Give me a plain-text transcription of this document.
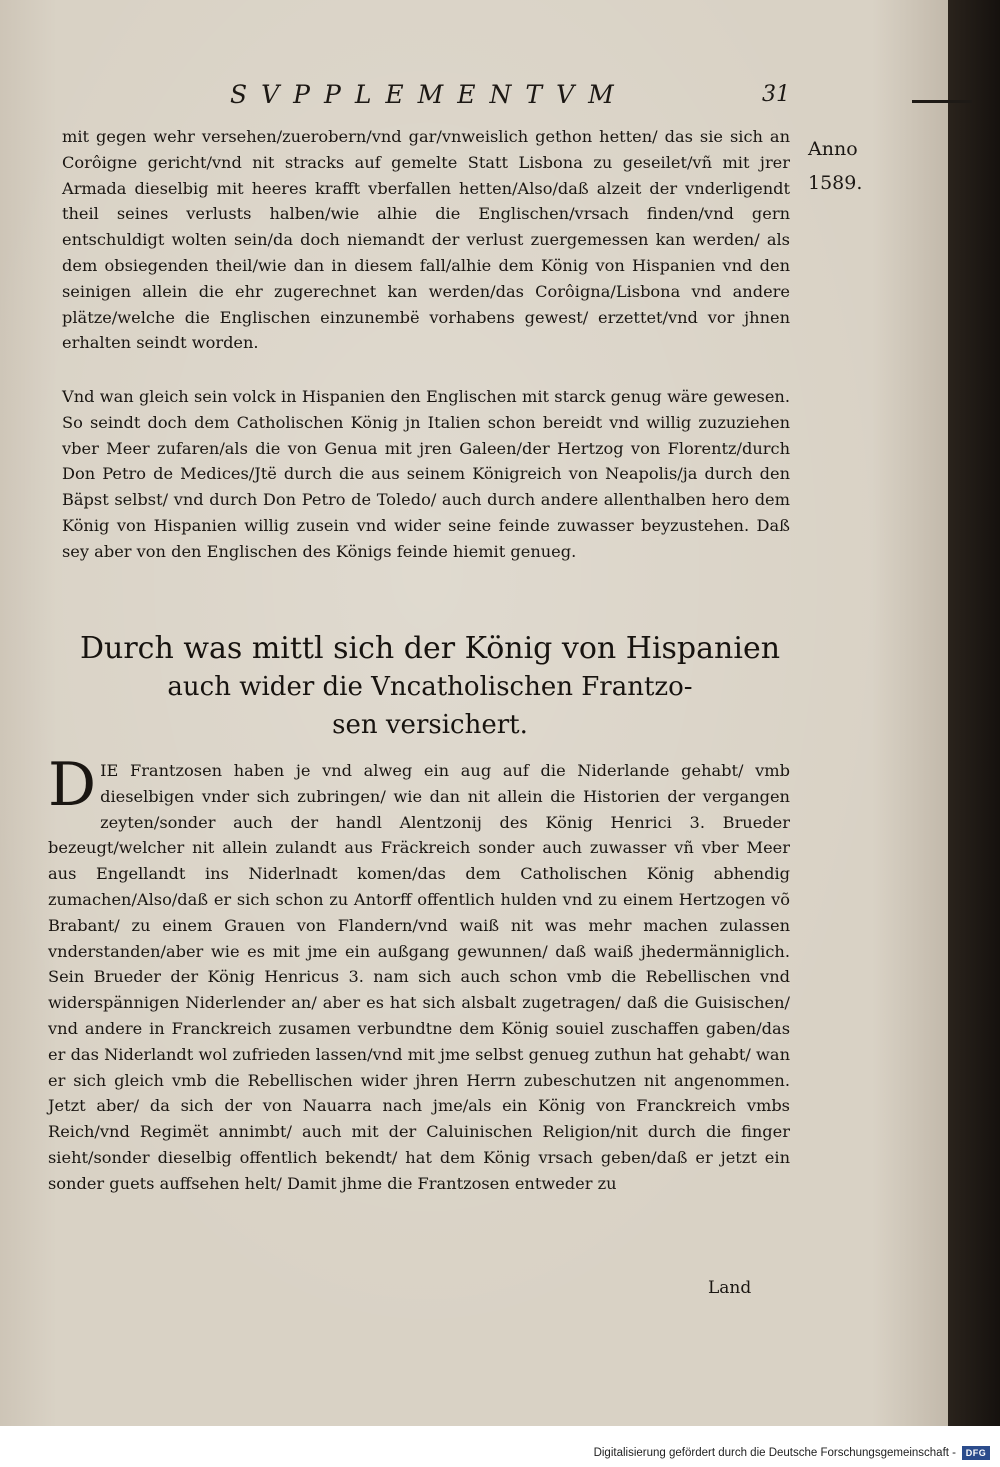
SVPPLEMENTVM	31
Anno
1589.

mit gegen wehr versehen/zuerobern/vnd gar/vnweislich gethon hetten/ das sie sich an Corôigne gericht/vnd nit stracks auf gemelte Statt Lisbona zu geseilet/vñ mit jrer Armada dieselbig mit heeres krafft vberfallen hetten/Also/daß alzeit der vnderligendt theil seines verlusts halben/wie alhie die Englischen/vrsach finden/vnd gern entschuldigt wolten sein/da doch niemandt der verlust zuergemessen kan werden/ als dem obsiegenden theil/wie dan in diesem fall/alhie dem König von Hispanien vnd den seinigen allein die ehr zugerechnet kan werden/das Corôigna/Lisbona vnd andere plätze/welche die Englischen einzunembë vorhabens gewest/ erzettet/vnd vor jhnen erhalten seindt worden.

Vnd wan gleich sein volck in Hispanien den Englischen mit starck genug wäre gewesen. So seindt doch dem Catholischen König jn Italien schon bereidt vnd willig zuzuziehen vber Meer zufaren/als die von Genua mit jren Galeen/der Hertzog von Florentz/durch Don Petro de Medices/Jtë durch die aus seinem Königreich von Neapolis/ja durch den Bäpst selbst/ vnd durch Don Petro de Toledo/ auch durch andere allenthalben hero dem König von Hispanien willig zusein vnd wider seine feinde zuwasser beyzustehen. Daß sey aber von den Englischen des Königs feinde hiemit genueg.

Durch was mittl sich der König von Hispanien
auch wider die Vncatholischen Frantzo-
sen versichert.

DIE Frantzosen haben je vnd alweg ein aug auf die Niderlande gehabt/ vmb dieselbigen vnder sich zubringen/ wie dan nit allein die Historien der vergangen zeyten/sonder auch der handl Alentzonij des König Henrici 3. Brueder bezeugt/welcher nit allein zulandt aus Fräckreich sonder auch zuwasser vñ vber Meer aus Engellandt ins Niderlnadt komen/das dem Catholischen König abhendig zumachen/Also/daß er sich schon zu Antorff offentlich hulden vnd zu einem Hertzogen võ Brabant/ zu einem Grauen von Flandern/vnd waiß nit was mehr machen zulassen vnderstanden/aber wie es mit jme ein außgang gewunnen/ daß waiß jhedermänniglich. Sein Brueder der König Henricus 3. nam sich auch schon vmb die Rebellischen vnd widerspännigen Niderlender an/ aber es hat sich alsbalt zugetragen/ daß die Guisischen/ vnd andere in Franckreich zusamen verbundtne dem König souiel zuschaffen gaben/das er das Niderlandt wol zufrieden lassen/vnd mit jme selbst genueg zuthun hat gehabt/ wan er sich gleich vmb die Rebellischen wider jhren Herrn zubeschutzen nit angenommen. Jetzt aber/ da sich der von Nauarra nach jme/als ein König von Franckreich vmbs Reich/vnd Regimët annimbt/ auch mit der Caluinischen Religion/nit durch die finger sieht/sonder dieselbig offentlich bekendt/ hat dem König vrsach geben/daß er jetzt ein sonder guets auffsehen helt/ Damit jhme die Frantzosen entweder zu

Land
Digitalisierung gefördert durch die Deutsche Forschungsgemeinschaft -	DFG
